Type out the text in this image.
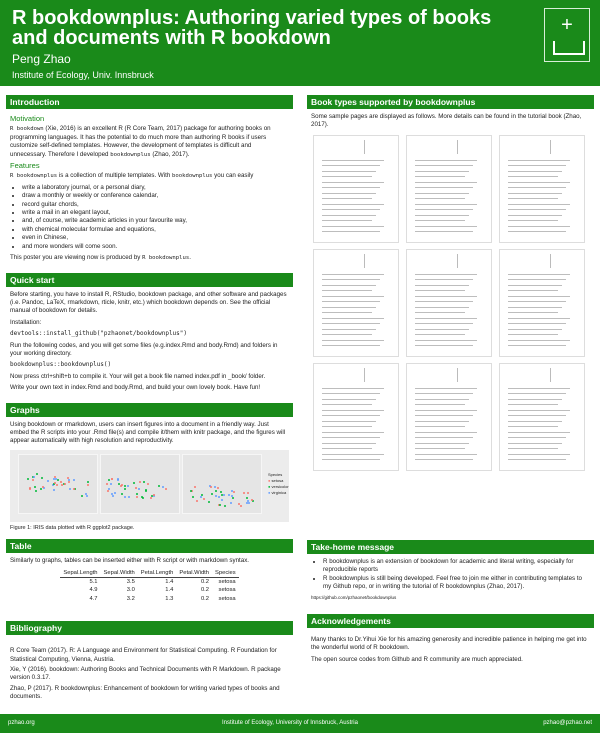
R bookdownplus: Authoring varied types of books and documents with R bookdown
Peng Zhao
Institute of Ecology, Univ. Innsbruck
+
Introduction
Motivation

R bookdown (Xie, 2016) is an excellent R (R Core Team, 2017) package for authoring books on programming languages. It has the potential to do much more than authoring R books if users customize self-defined templates. However, the development of templates is difficult and unnecessary. Therefore I developed bookdownplus (Zhao, 2017).

Features

R bookdownplus is a collection of multiple templates. With bookdownplus you can easily

• write a laboratory journal, or a personal diary,
• draw a monthly or weekly or conference calendar,
• record guitar chords,
• write a mail in an elegant layout,
• and, of course, write academic articles in your favourite way,
• with chemical molecular formulae and equations,
• even in Chinese,
• and more wonders will come soon.

This poster you are viewing now is produced by R bookdownplus.

Quick start

Before starting, you have to install R, RStudio, bookdown package, and other software and packages (i.e. Pandoc, LaTeX, rmarkdown, rticle, knitr, etc.) which bookdown depends on. See the official manual of bookdown for details.

Installation:

devtools::install_github("pzhaonet/bookdownplus")

Run the following codes, and you will get some files (e.g.index.Rmd and body.Rmd) and folders in your working directory.

bookdownplus::bookdownplus()

Now press ctrl+shift+b to compile it. Your will get a book file named index.pdf in _book/ folder.

Write your own text in index.Rmd and body.Rmd, and build your own lovely book. Have fun!

Graphs

Using bookdown or rmarkdown, users can insert figures into a document in a friendly way. Just embed the R scripts into your .Rmd file(s) and compile it/them with knitr package, and the figures will appear automatically with high resolution and reproductivity.

Species
● setosa
● versicolor
● virginica
Figure 1: IRIS data plotted with R ggplot2 package.
Table

Similarly to graphs, tables can be inserted either with R script or with markdown syntax.

Sepal.Length	Sepal.Width	Petal.Length	Petal.Width	Species
5.1	3.5	1.4	0.2	setosa
4.9	3.0	1.4	0.2	setosa
4.7	3.2	1.3	0.2	setosa
Bibliography

R Core Team (2017). R: A Language and Environment for Statistical Computing. R Foundation for Statistical Computing, Vienna, Austria.

Xie, Y (2016). bookdown: Authoring Books and Technical Documents with R Markdown. R package version 0.3.17.

Zhao, P (2017). R bookdownplus: Enhancement of bookdown for writing varied types of books and documents.

Book types supported by bookdownplus

Some sample pages are displayed as follows. More details can be found in the tutorial book (Zhao, 2017).

Take-home message
• R bookdownplus is an extension of bookdown for academic and literal writing, especially for reproducible reports
• R bookdownplus is still being developed. Feel free to join me either in contributing templates to my Github repo, or in writing the tutorial of R bookdownplus (Zhao, 2017).
https://github.com/pzhaonet/bookdownplus
Acknowledgements

Many thanks to Dr.Yihui Xie for his amazing generosity and incredible patience in helping me get into the wonderful world of R bookdown.

The open source codes from Github and R community are much appreciated.

pzhao.org	Institute of Ecology, University of Innsbruck, Austria	pzhao@pzhao.net
